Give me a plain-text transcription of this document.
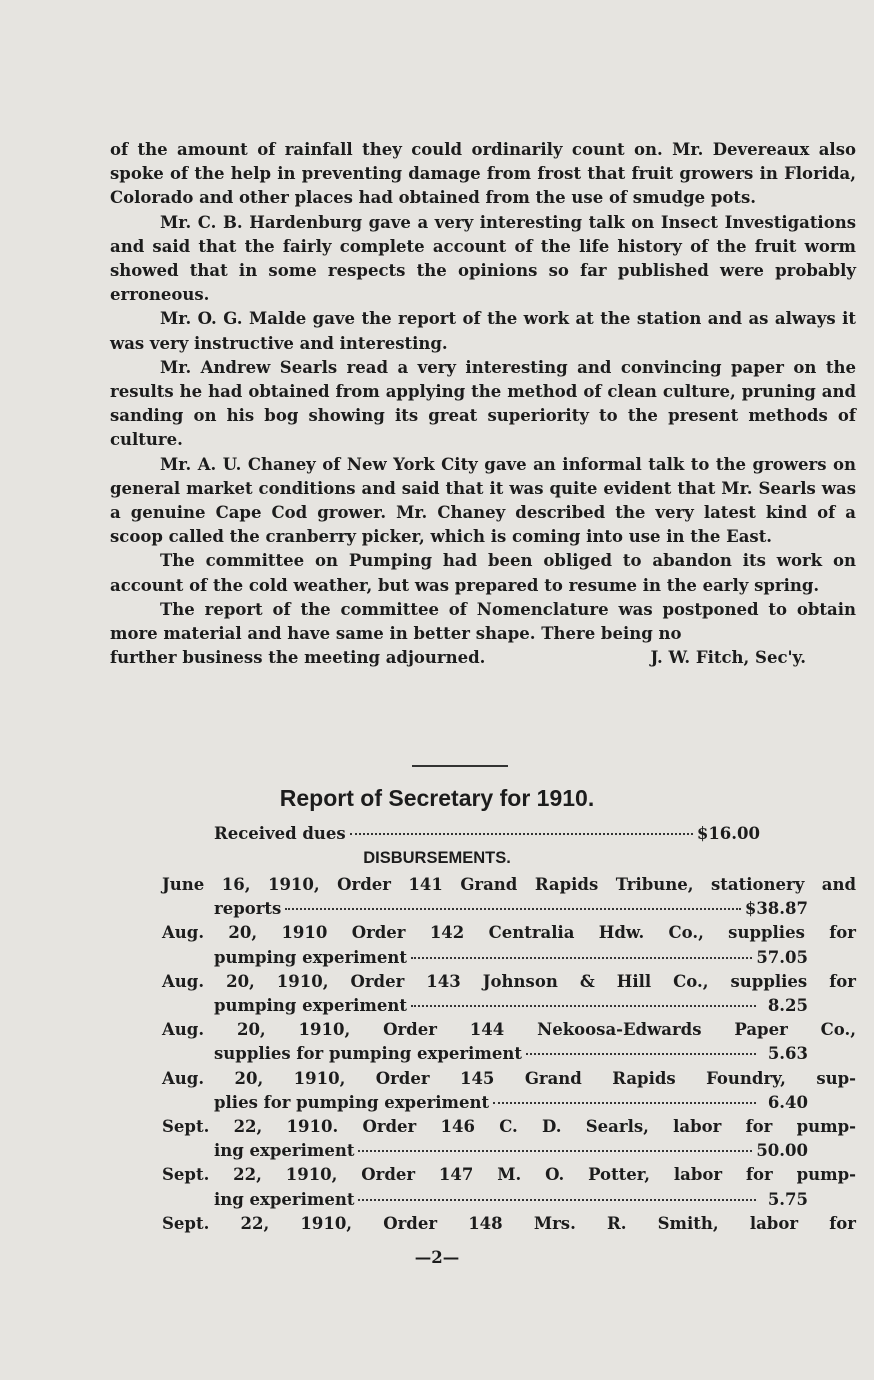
of the amount of rainfall they could ordinarily count on. Mr. Devereaux also spoke of the help in preventing damage from frost that fruit growers in Florida, Colorado and other places had obtained from the use of smudge pots.

Mr. C. B. Hardenburg gave a very interesting talk on Insect Investigations and said that the fairly complete account of the life history of the fruit worm showed that in some respects the opinions so far published were probably erroneous.

Mr. O. G. Malde gave the report of the work at the station and as always it was very instructive and interesting.

Mr. Andrew Searls read a very interesting and convincing paper on the results he had obtained from applying the method of clean culture, pruning and sanding on his bog showing its great superiority to the present methods of culture.

Mr. A. U. Chaney of New York City gave an informal talk to the growers on general market conditions and said that it was quite evident that Mr. Searls was a genuine Cape Cod grower. Mr. Chaney described the very latest kind of a scoop called the cranberry picker, which is coming into use in the East.

The committee on Pumping had been obliged to abandon its work on account of the cold weather, but was prepared to resume in the early spring.

The report of the committee of Nomenclature was postponed to obtain more material and have same in better shape. There being no

further business the meeting adjourned.	J. W. Fitch, Sec'y.
Report of Secretary for 1910.
Received dues	$16.00

DISBURSEMENTS.

June 16, 1910, Order 141 Grand Rapids Tribune, stationery and

reports	$38.87

Aug. 20, 1910 Order 142 Centralia Hdw. Co., supplies for

pumping experiment	57.05

Aug. 20, 1910, Order 143 Johnson & Hill Co., supplies for

pumping experiment	8.25

Aug. 20, 1910, Order 144 Nekoosa-Edwards Paper Co.,

supplies for pumping experiment	5.63

Aug. 20, 1910, Order 145 Grand Rapids Foundry, sup-

plies for pumping experiment	6.40

Sept. 22, 1910. Order 146 C. D. Searls, labor for pump-

ing experiment	50.00

Sept. 22, 1910, Order 147 M. O. Potter, labor for pump-

ing experiment	5.75

Sept. 22, 1910, Order 148 Mrs. R. Smith, labor for

—2—
